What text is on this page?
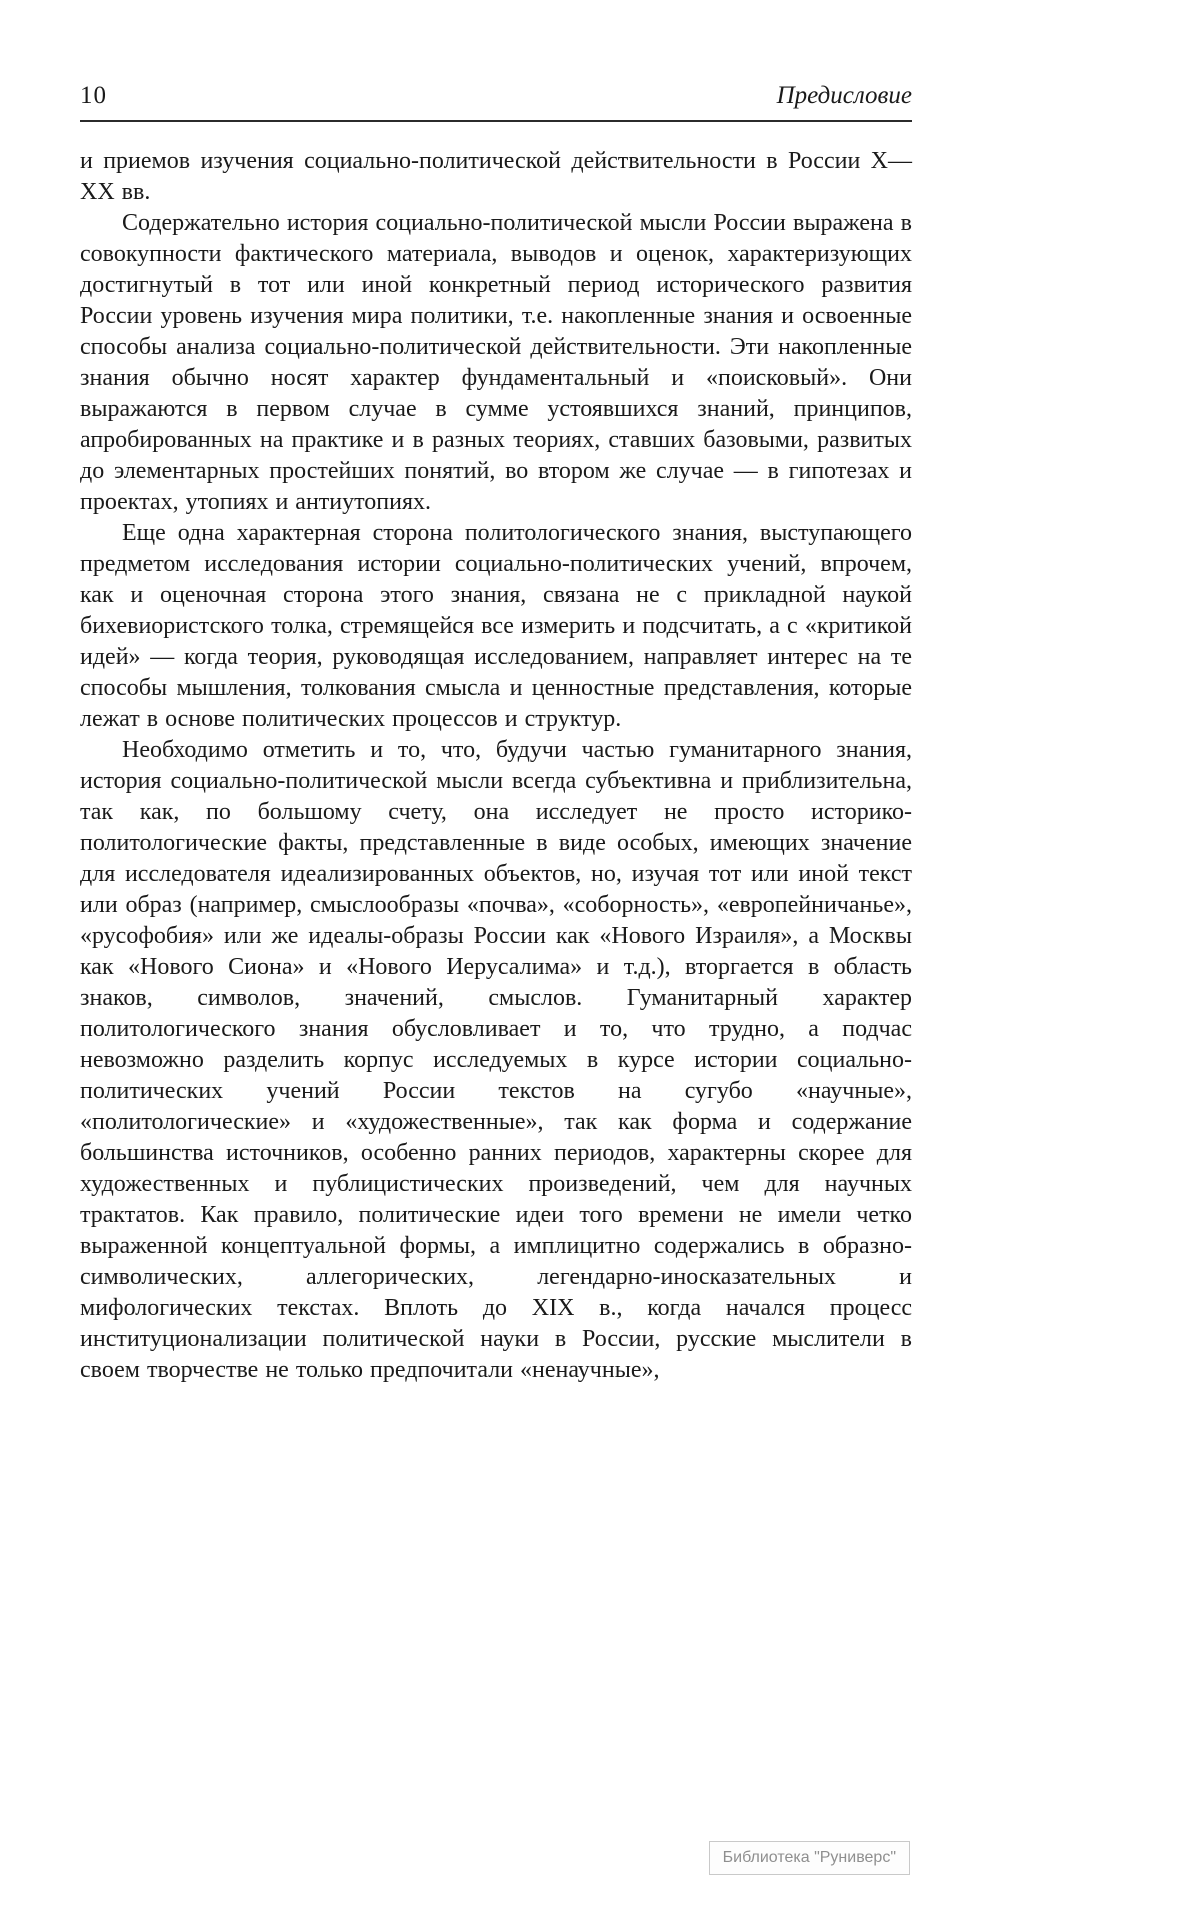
10	Предисловие

и приемов изучения социально-политической действительности в России X—XX вв.

Содержательно история социально-политической мысли России выражена в совокупности фактического материала, выводов и оценок, характеризующих достигнутый в тот или иной конкретный период исторического развития России уровень изучения мира политики, т.е. накопленные знания и освоенные способы анализа социально-политической действительности. Эти накопленные знания обычно носят характер фундаментальный и «поисковый». Они выражаются в первом случае в сумме устоявшихся знаний, принципов, апробированных на практике и в разных теориях, ставших базовыми, развитых до элементарных простейших понятий, во втором же случае — в гипотезах и проектах, утопиях и антиутопиях.

Еще одна характерная сторона политологического знания, выступающего предметом исследования истории социально-политических учений, впрочем, как и оценочная сторона этого знания, связана не с прикладной наукой бихевиористского толка, стремящейся все измерить и подсчитать, а с «критикой идей» — когда теория, руководящая исследованием, направляет интерес на те способы мышления, толкования смысла и ценностные представления, которые лежат в основе политических процессов и структур.

Необходимо отметить и то, что, будучи частью гуманитарного знания, история социально-политической мысли всегда субъективна и приблизительна, так как, по большому счету, она исследует не просто историко-политологические факты, представленные в виде особых, имеющих значение для исследователя идеализированных объектов, но, изучая тот или иной текст или образ (например, смыслообразы «почва», «соборность», «европейничанье», «русофобия» или же идеалы-образы России как «Нового Израиля», а Москвы как «Нового Сиона» и «Нового Иерусалима» и т.д.), вторгается в область знаков, символов, значений, смыслов. Гуманитарный характер политологического знания обусловливает и то, что трудно, а подчас невозможно разделить корпус исследуемых в курсе истории социально-политических учений России текстов на сугубо «научные», «политологические» и «художественные», так как форма и содержание большинства источников, особенно ранних периодов, характерны скорее для художественных и публицистических произведений, чем для научных трактатов. Как правило, политические идеи того времени не имели четко выраженной концептуальной формы, а имплицитно содержались в образно-символических, аллегорических, легендарно-иносказательных и мифологических текстах. Вплоть до XIX в., когда начался процесс институционализации политической науки в России, русские мыслители в своем творчестве не только предпочитали «ненаучные»,

Библиотека "Руниверс"
